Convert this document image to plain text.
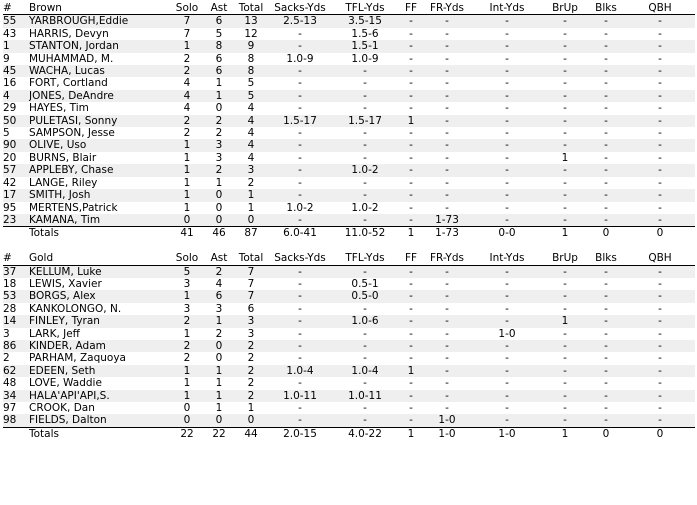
#	Brown	Solo	Ast	Total	Sacks-Yds	TFL-Yds	FF	FR-Yds	Int-Yds	BrUp	Blks	QBH
55	YARBROUGH,Eddie	7	6	13	2.5-13	3.5-15	-	-	-	-	-	-
43	HARRIS, Devyn	7	5	12	-	1.5-6	-	-	-	-	-	-
1	STANTON, Jordan	1	8	9	-	1.5-1	-	-	-	-	-	-
9	MUHAMMAD, M.	2	6	8	1.0-9	1.0-9	-	-	-	-	-	-
45	WACHA, Lucas	2	6	8	-	-	-	-	-	-	-	-
16	FORT, Cortland	4	1	5	-	-	-	-	-	-	-	-
4	JONES, DeAndre	4	1	5	-	-	-	-	-	-	-	-
29	HAYES, Tim	4	0	4	-	-	-	-	-	-	-	-
50	PULETASI, Sonny	2	2	4	1.5-17	1.5-17	1	-	-	-	-	-
5	SAMPSON, Jesse	2	2	4	-	-	-	-	-	-	-	-
90	OLIVE, Uso	1	3	4	-	-	-	-	-	-	-	-
20	BURNS, Blair	1	3	4	-	-	-	-	-	1	-	-
57	APPLEBY, Chase	1	2	3	-	1.0-2	-	-	-	-	-	-
42	LANGE, Riley	1	1	2	-	-	-	-	-	-	-	-
17	SMITH, Josh	1	0	1	-	-	-	-	-	-	-	-
95	MERTENS,Patrick	1	0	1	1.0-2	1.0-2	-	-	-	-	-	-
23	KAMANA, Tim	0	0	0	-	-	-	1-73	-	-	-	-
	Totals	41	46	87	6.0-41	11.0-52	1	1-73	0-0	1	0	0

#	Gold	Solo	Ast	Total	Sacks-Yds	TFL-Yds	FF	FR-Yds	Int-Yds	BrUp	Blks	QBH
37	KELLUM, Luke	5	2	7	-	-	-	-	-	-	-	-
18	LEWIS, Xavier	3	4	7	-	0.5-1	-	-	-	-	-	-
53	BORGS, Alex	1	6	7	-	0.5-0	-	-	-	-	-	-
28	KANKOLONGO, N.	3	3	6	-	-	-	-	-	-	-	-
14	FINLEY, Tyran	2	1	3	-	1.0-6	-	-	-	1	-	-
3	LARK, Jeff	1	2	3	-	-	-	-	1-0	-	-	-
86	KINDER, Adam	2	0	2	-	-	-	-	-	-	-	-
2	PARHAM, Zaquoya	2	0	2	-	-	-	-	-	-	-	-
62	EDEEN, Seth	1	1	2	1.0-4	1.0-4	1	-	-	-	-	-
48	LOVE, Waddie	1	1	2	-	-	-	-	-	-	-	-
34	HALA'API'API,S.	1	1	2	1.0-11	1.0-11	-	-	-	-	-	-
97	CROOK, Dan	0	1	1	-	-	-	-	-	-	-	-
98	FIELDS, Dalton	0	0	0	-	-	-	1-0	-	-	-	-
	Totals	22	22	44	2.0-15	4.0-22	1	1-0	1-0	1	0	0
